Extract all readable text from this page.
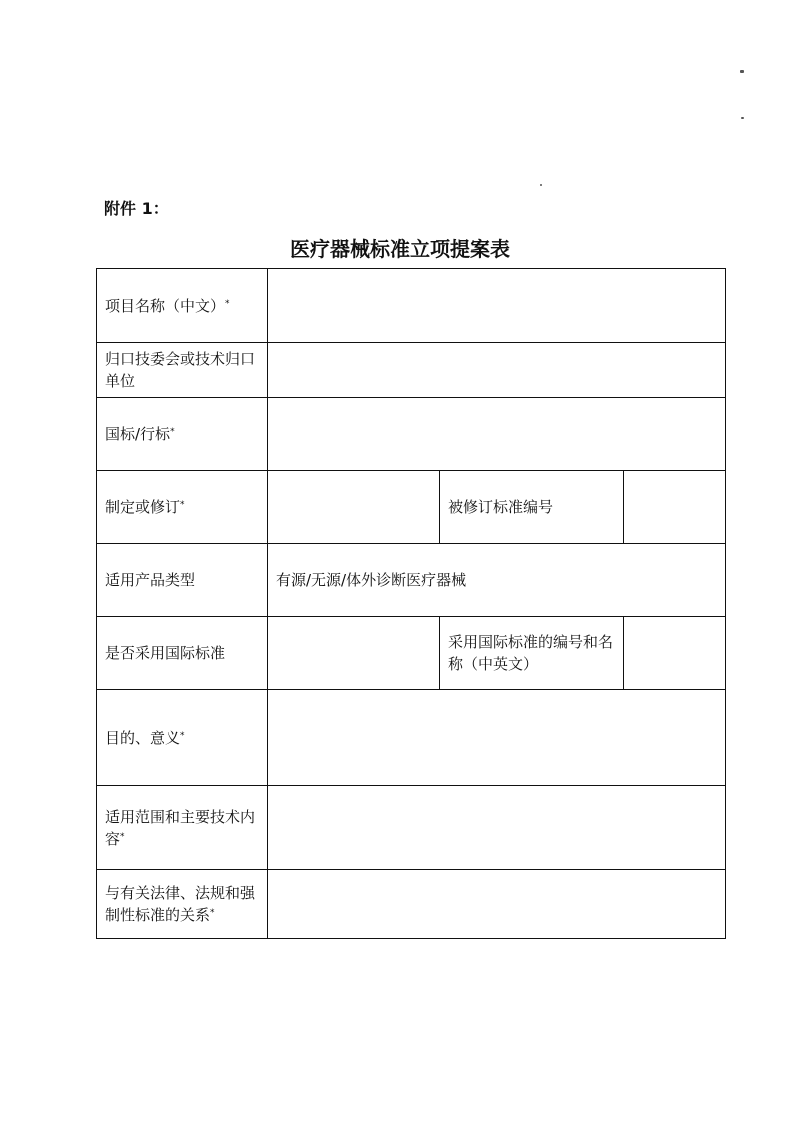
附件 1：
医疗器械标准立项提案表
项目名称（中文）*	
归口技委会或技术归口单位			
国标/行标*	
制定或修订*		被修订标准编号	
适用产品类型	有源/无源/体外诊断医疗器械		
是否采用国际标准		采用国际标准的编号和名称（中英文）	
目的、意义*	
适用范围和主要技术内容*	
与有关法律、法规和强制性标准的关系*	
